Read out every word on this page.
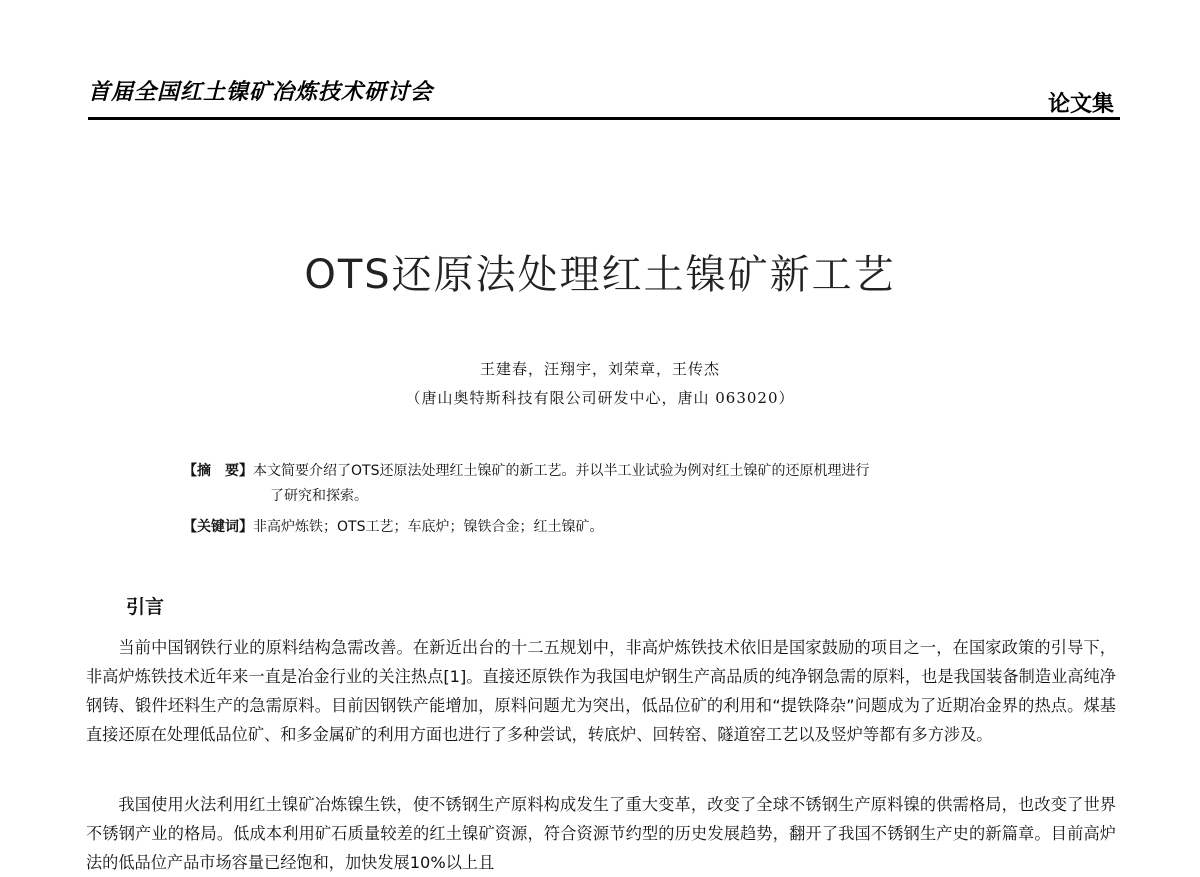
首届全国红土镍矿冶炼技术研讨会	论文集
OTS还原法处理红土镍矿新工艺
王建春，汪翔宇，刘荣章，王传杰
（唐山奥特斯科技有限公司研发中心，唐山 063020）
【摘　要】本文简要介绍了OTS还原法处理红土镍矿的新工艺。并以半工业试验为例对红土镍矿的还原机理进行
了研究和探索。
【关键词】非高炉炼铁；OTS工艺；车底炉；镍铁合金；红土镍矿。
引言

当前中国钢铁行业的原料结构急需改善。在新近出台的十二五规划中，非高炉炼铁技术依旧是国家鼓励的项目之一，在国家政策的引导下，非高炉炼铁技术近年来一直是冶金行业的关注热点[1]。直接还原铁作为我国电炉钢生产高品质的纯净钢急需的原料，也是我国装备制造业高纯净钢铸、锻件坯料生产的急需原料。目前因钢铁产能增加，原料问题尤为突出，低品位矿的利用和“提铁降杂”问题成为了近期冶金界的热点。煤基直接还原在处理低品位矿、和多金属矿的利用方面也进行了多种尝试，转底炉、回转窑、隧道窑工艺以及竖炉等都有多方涉及。

我国使用火法利用红土镍矿冶炼镍生铁，使不锈钢生产原料构成发生了重大变革，改变了全球不锈钢生产原料镍的供需格局，也改变了世界不锈钢产业的格局。低成本利用矿石质量较差的红土镍矿资源，符合资源节约型的历史发展趋势，翻开了我国不锈钢生产史的新篇章。目前高炉法的低品位产品市场容量已经饱和，加快发展10%以上且
